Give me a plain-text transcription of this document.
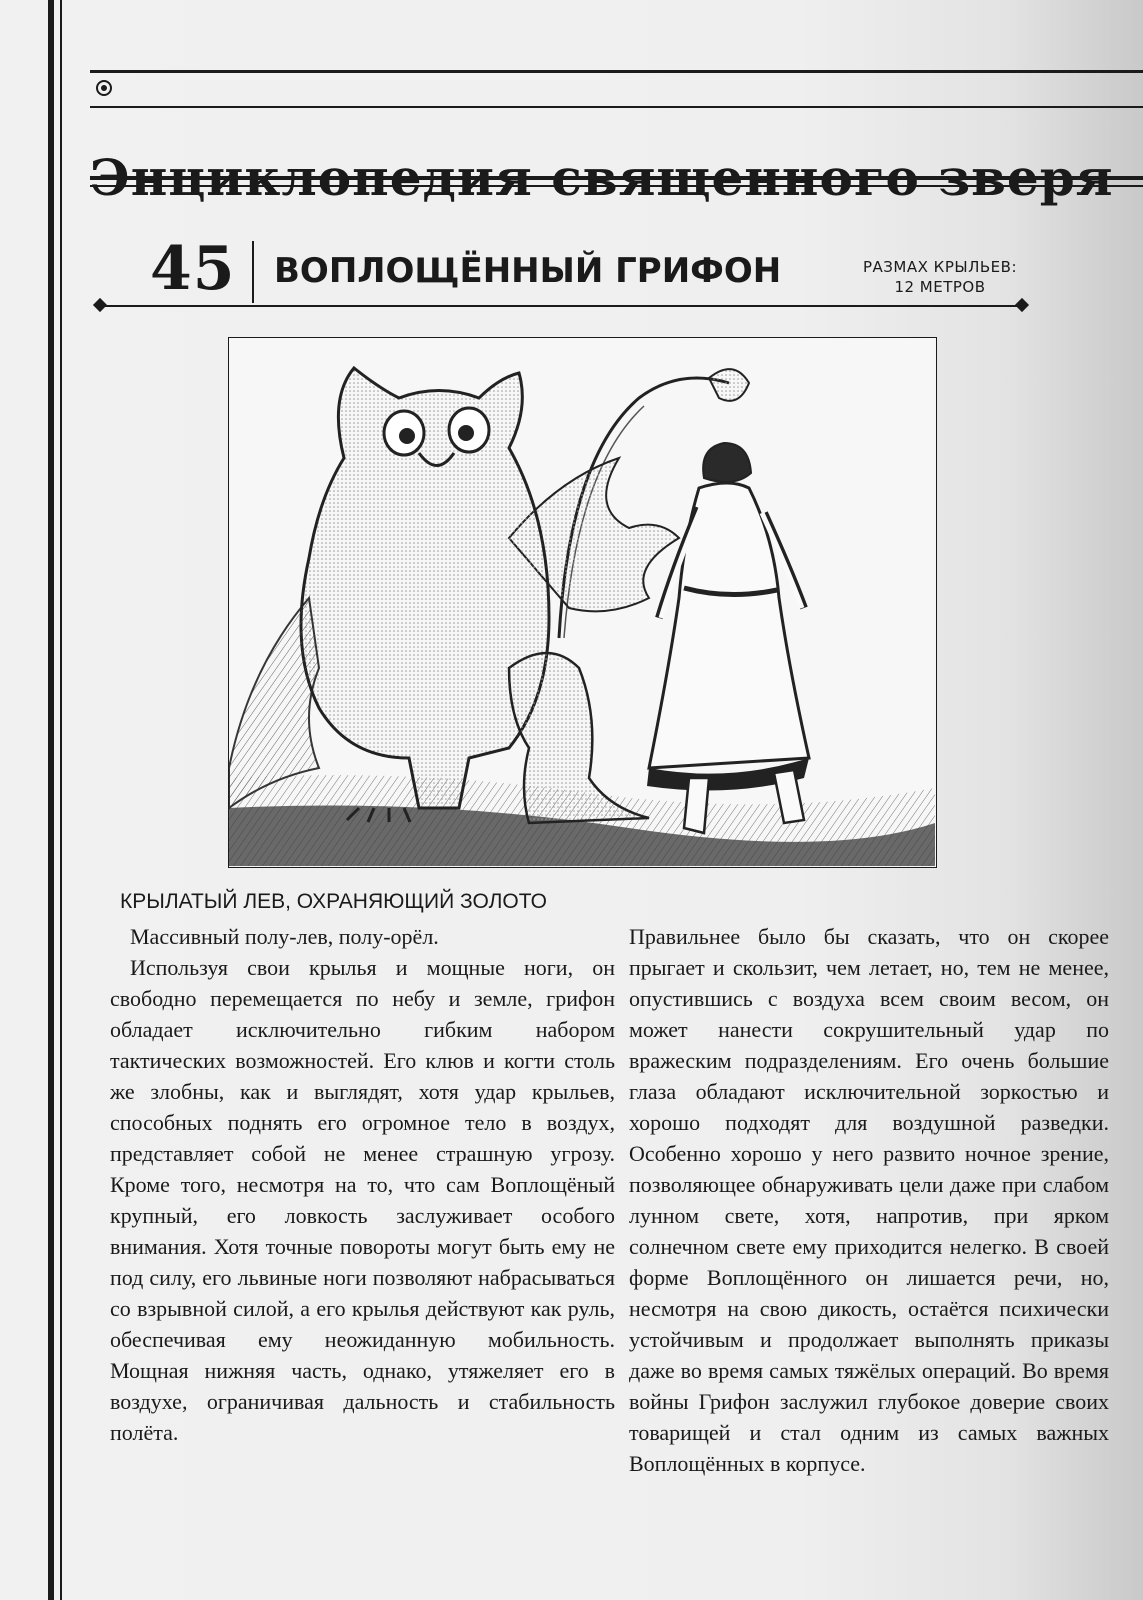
45 ВОПЛОЩЁННЫЙ ГРИФОН	РАЗМАХ КРЫЛЬЕВ:
12 МЕТРОВ
КРЫЛАТЫЙ ЛЕВ, ОХРАНЯЮЩИЙ ЗОЛОТО

Массивный полу-лев, полу-орёл.

Используя свои крылья и мощные ноги, он свободно перемещается по небу и земле, грифон обладает исключительно гибким набором тактических возможностей. Его клюв и когти столь же злобны, как и выглядят, хотя удар крыльев, способных поднять его огромное тело в воздух, представляет собой не менее страшную угрозу. Кроме того, несмотря на то, что сам Воплощёный крупный, его ловкость заслуживает особого внимания. Хотя точные повороты могут быть ему не под силу, его львиные ноги позволяют набрасываться со взрывной силой, а его крылья действуют как руль, обеспечивая ему неожиданную мобильность. Мощная нижняя часть, однако, утяжеляет его в воздухе, ограничивая дальность и стабильность полёта.

Правильнее было бы сказать, что он скорее прыгает и скользит, чем летает, но, тем не менее, опустившись с воздуха всем своим весом, он может нанести сокрушительный удар по вражеским подразделениям. Его очень большие глаза обладают исключительной зоркостью и хорошо подходят для воздушной разведки. Особенно хорошо у него развито ночное зрение, позволяющее обнаруживать цели даже при слабом лунном свете, хотя, напротив, при ярком солнечном свете ему приходится нелегко. В своей форме Воплощённого он лишается речи, но, несмотря на свою дикость, остаётся психически устойчивым и продолжает выполнять приказы даже во время самых тяжёлых операций. Во время войны Грифон заслужил глубокое доверие своих товарищей и стал одним из самых важных Воплощённых в корпусе.
